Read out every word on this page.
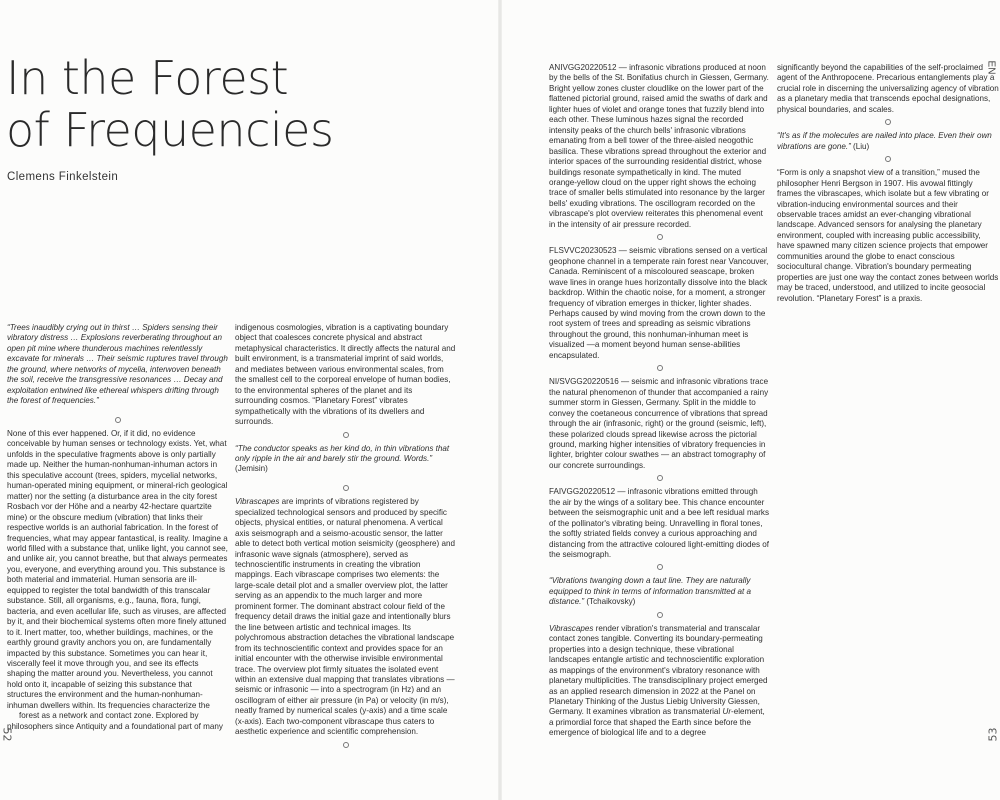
In the Forest
of Frequencies
Clemens Finkelstein

“Trees inaudibly crying out in thirst … Spiders sensing their vibratory distress … Explosions reverberating throughout an open pit mine where thunderous machines relentlessly excavate for minerals … Their seismic ruptures travel through the ground, where networks of mycelia, interwoven beneath the soil, receive the transgressive resonances … Decay and exploitation entwined like ethereal whispers drifting through the forest of frequencies.”

None of this ever happened. Or, if it did, no evidence conceivable by human senses or technology exists. Yet, what unfolds in the speculative fragments above is only partially made up. Neither the human-nonhuman-inhuman actors in this speculative account (trees, spiders, mycelial networks, human-operated mining equipment, or mineral-rich geological matter) nor the setting (a disturbance area in the city forest Rosbach vor der Höhe and a nearby 42-hectare quartzite mine) or the obscure medium (vibration) that links their respective worlds is an authorial fabrication. In the forest of frequencies, what may appear fantastical, is reality. Imagine a world filled with a substance that, unlike light, you cannot see, and unlike air, you cannot breathe, but that always permeates you, everyone, and everything around you. This substance is both material and immaterial. Human sensoria are ill-equipped to register the total bandwidth of this transcalar substance. Still, all organisms, e.g., fauna, flora, fungi, bacteria, and even acellular life, such as viruses, are affected by it, and their biochemical systems often more finely attuned to it. Inert matter, too, whether buildings, machines, or the earthly ground gravity anchors you on, are fundamentally impacted by this substance. Sometimes you can hear it, viscerally feel it move through you, and see its effects shaping the matter around you. Nevertheless, you cannot hold onto it, incapable of seizing this substance that structures the environment and the human-nonhuman-inhuman dwellers within. Its frequencies characterize the

forest as a network and contact zone. Explored by philosophers since Antiquity and a foundational part of many

indigenous cosmologies, vibration is a captivating boundary object that coalesces concrete physical and abstract metaphysical characteristics. It directly affects the natural and built environment, is a transmaterial imprint of said worlds, and mediates between various environmental scales, from the smallest cell to the corporeal envelope of human bodies, to the environmental spheres of the planet and its surrounding cosmos. “Planetary Forest” vibrates sympathetically with the vibrations of its dwellers and surrounds.

“The conductor speaks as her kind do, in thin vibrations that only ripple in the air and barely stir the ground. Words.”
(Jemisin)

Vibrascapes are imprints of vibrations registered by specialized technological sensors and produced by specific objects, physical entities, or natural phenomena. A vertical axis seismograph and a seismo-acoustic sensor, the latter able to detect both vertical motion seismicity (geosphere) and infrasonic wave signals (atmosphere), served as technoscientific instruments in creating the vibration mappings. Each vibrascape comprises two elements: the large-scale detail plot and a smaller overview plot, the latter serving as an appendix to the much larger and more prominent former. The dominant abstract colour field of the frequency detail draws the initial gaze and intentionally blurs the line between artistic and technical images. Its polychromous abstraction detaches the vibrational landscape from its technoscientific context and provides space for an initial encounter with the otherwise invisible environmental trace. The overview plot firmly situates the isolated event within an extensive dual mapping that translates vibrations — seismic or infrasonic — into a spectrogram (in Hz) and an oscillogram of either air pressure (in Pa) or velocity (in m/s), neatly framed by numerical scales (y-axis) and a time scale (x-axis). Each two-component vibrascape thus caters to aesthetic experience and scientific comprehension.

52

ANIVGG20220512 — infrasonic vibrations produced at noon by the bells of the St. Bonifatius church in Giessen, Germany. Bright yellow zones cluster cloudlike on the lower part of the flattened pictorial ground, raised amid the swaths of dark and lighter hues of violet and orange tones that fuzzily blend into each other. These luminous hazes signal the recorded intensity peaks of the church bells' infrasonic vibrations emanating from a bell tower of the three-aisled neogothic basilica. These vibrations spread throughout the exterior and interior spaces of the surrounding residential district, whose buildings resonate sympathetically in kind. The muted orange-yellow cloud on the upper right shows the echoing trace of smaller bells stimulated into resonance by the larger bells' exuding vibrations. The oscillogram recorded on the vibrascape's plot overview reiterates this phenomenal event in the intensity of air pressure recorded.

FLSVVC20230523 — seismic vibrations sensed on a vertical geophone channel in a temperate rain forest near Vancouver, Canada. Reminiscent of a miscoloured seascape, broken wave lines in orange hues horizontally dissolve into the black backdrop. Within the chaotic noise, for a moment, a stronger frequency of vibration emerges in thicker, lighter shades. Perhaps caused by wind moving from the crown down to the root system of trees and spreading as seismic vibrations throughout the ground, this nonhuman-inhuman meet is visualized —a moment beyond human sense-abilities encapsulated.

NI/SVGG20220516 — seismic and infrasonic vibrations trace the natural phenomenon of thunder that accompanied a rainy summer storm in Giessen, Germany. Split in the middle to convey the coetaneous concurrence of vibrations that spread through the air (infrasonic, right) or the ground (seismic, left), these polarized clouds spread likewise across the pictorial ground, marking higher intensities of vibratory frequencies in lighter, brighter colour swathes — an abstract tomography of our concrete surroundings.

FAIVGG20220512 — infrasonic vibrations emitted through the air by the wings of a solitary bee. This chance encounter between the seismographic unit and a bee left residual marks of the pollinator's vibrating being. Unravelling in floral tones, the softly striated fields convey a curious approaching and distancing from the attractive coloured light-emitting diodes of the seismograph.

“Vibrations twanging down a taut line. They are naturally equipped to think in terms of information transmitted at a distance.” (Tchaikovsky)

Vibrascapes render vibration's transmaterial and transcalar contact zones tangible. Converting its boundary-permeating properties into a design technique, these vibrational landscapes entangle artistic and technoscientific exploration as mappings of the environment's vibratory resonance with planetary multiplicities. The transdisciplinary project emerged as an applied research dimension in 2022 at the Panel on Planetary Thinking of the Justus Liebig University Giessen, Germany. It examines vibration as transmaterial Ur-element, a primordial force that shaped the Earth since before the emergence of biological life and to a degree

significantly beyond the capabilities of the self-proclaimed agent of the Anthropocene. Precarious entanglements play a crucial role in discerning the universalizing agency of vibration as a planetary media that transcends epochal designations, physical boundaries, and scales.

“It's as if the molecules are nailed into place. Even their own vibrations are gone.” (Liu)

“Form is only a snapshot view of a transition,” mused the philosopher Henri Bergson in 1907. His avowal fittingly frames the vibrascapes, which isolate but a few vibrating or vibration-inducing environmental sources and their observable traces amidst an ever-changing vibrational landscape. Advanced sensors for analysing the planetary environment, coupled with increasing public accessibility, have spawned many citizen science projects that empower communities around the globe to enact conscious sociocultural change. Vibration's boundary permeating properties are just one way the contact zones between worlds may be traced, understood, and utilized to incite geosocial revolution. “Planetary Forest” is a praxis.

EN
53
